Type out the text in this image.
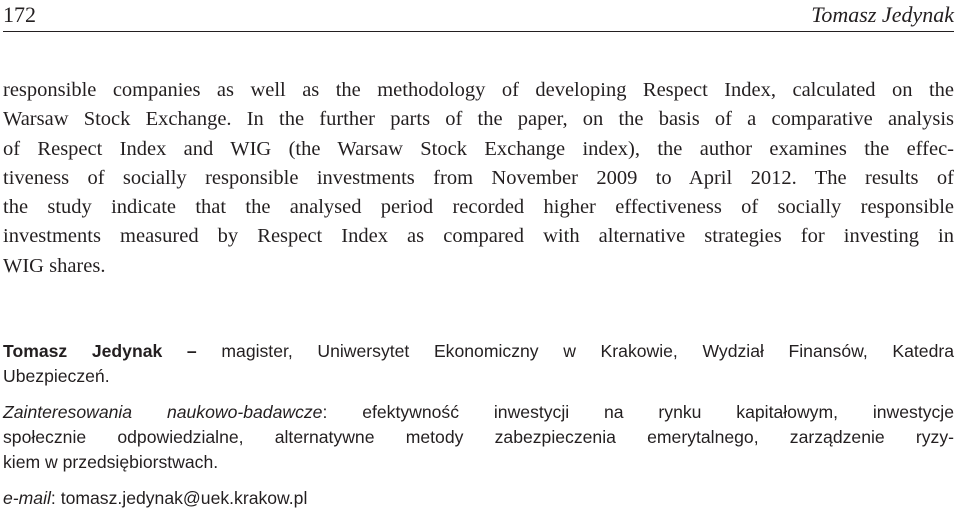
172	Tomasz Jedynak

responsible companies as well as the methodology of developing Respect Index, calculated on the
Warsaw Stock Exchange. In the further parts of the paper, on the basis of a comparative analysis
of Respect Index and WIG (the Warsaw Stock Exchange index), the author examines the effec-
tiveness of socially responsible investments from November 2009 to April 2012. The results of
the study indicate that the analysed period recorded higher effectiveness of socially responsible
investments measured by Respect Index as compared with alternative strategies for investing in
WIG shares.

Tomasz Jedynak – magister, Uniwersytet Ekonomiczny w Krakowie, Wydział Finansów, Katedra
Ubezpieczeń.

Zainteresowania naukowo-badawcze: efektywność inwestycji na rynku kapitałowym, inwestycje
społecznie odpowiedzialne, alternatywne metody zabezpieczenia emerytalnego, zarządzenie ryzy-
kiem w przedsiębiorstwach.

e-mail: tomasz.jedynak@uek.krakow.pl
